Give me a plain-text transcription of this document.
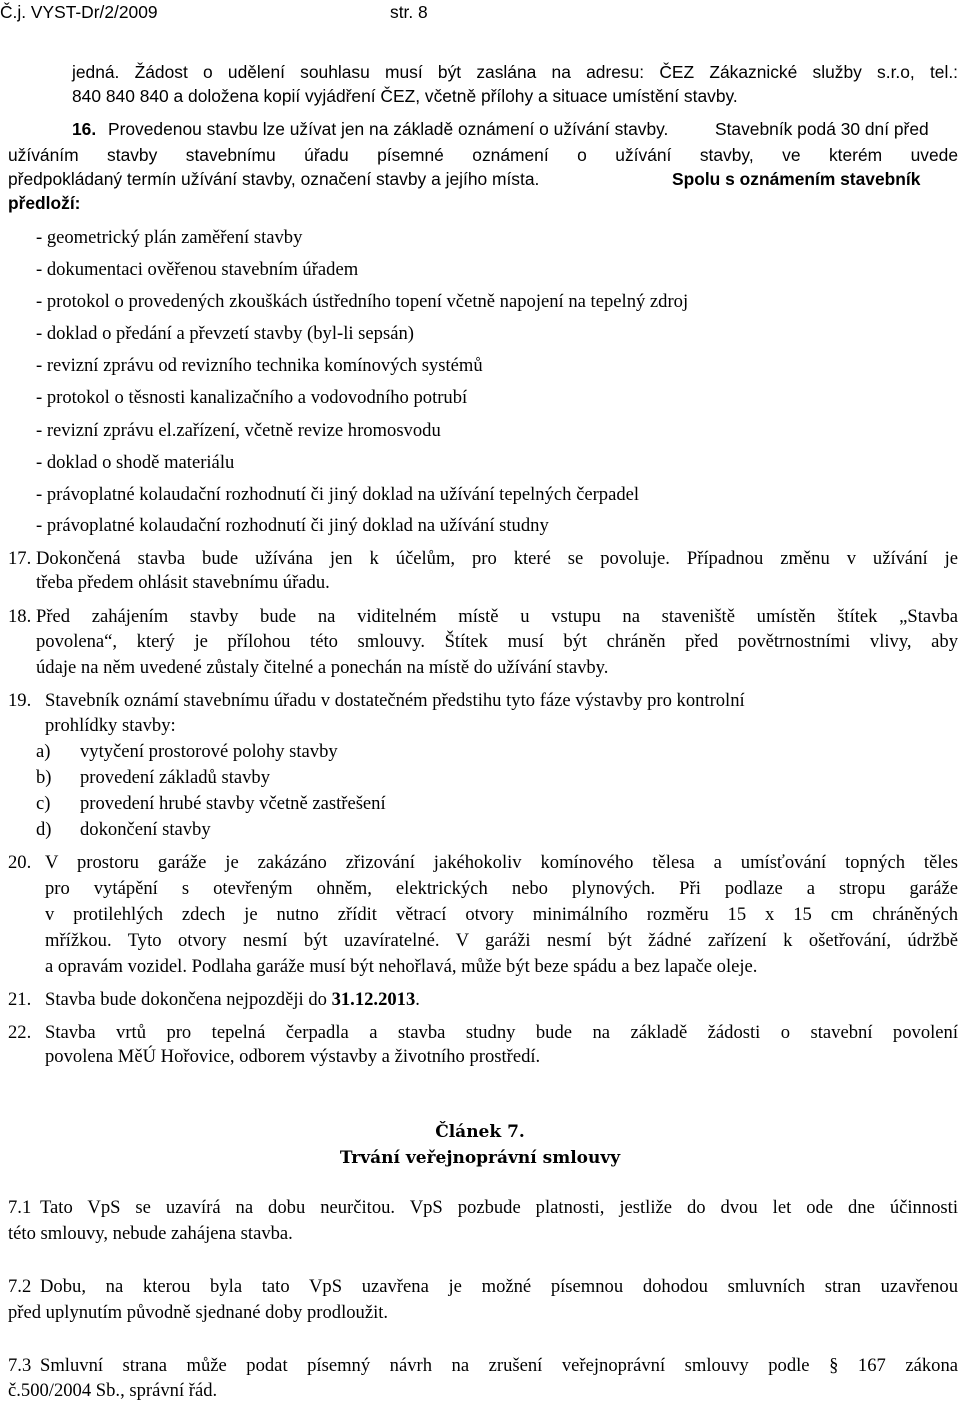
Č.j. VYST-Dr/2/2009	str. 8
jedná. Žádost o udělení souhlasu musí být zaslána na adresu: ČEZ Zákaznické služby s.r.o, tel.:
840 840 840 a doložena kopií vyjádření ČEZ, včetně přílohy a situace umístění stavby.
16. Provedenou stavbu lze užívat jen na základě oznámení o užívání stavby.	Stavebník podá 30 dní před
užíváním stavby stavebnímu úřadu písemné oznámení o užívání stavby, ve kterém uvede
předpokládaný termín užívání stavby, označení stavby a jejího místa.	Spolu s oznámením stavebník
předloží:
- geometrický plán zaměření stavby
- dokumentaci ověřenou stavebním úřadem
- protokol o provedených zkouškách ústředního topení včetně napojení na tepelný zdroj
- doklad o předání a převzetí stavby (byl-li sepsán)
- revizní zprávu od revizního technika komínových systémů
- protokol o těsnosti kanalizačního a vodovodního potrubí
- revizní zprávu el.zařízení, včetně revize hromosvodu
- doklad o shodě materiálu
- právoplatné kolaudační rozhodnutí či jiný doklad na užívání tepelných čerpadel
- právoplatné kolaudační rozhodnutí či jiný doklad na užívání studny
17. Dokončená stavba bude užívána jen k účelům, pro které se povoluje. Případnou změnu v užívání je
třeba předem ohlásit stavebnímu úřadu.
18. Před zahájením stavby bude na viditelném místě u vstupu na staveniště umístěn štítek „Stavba
povolena“, který je přílohou této smlouvy. Štítek musí být chráněn před povětrnostními vlivy, aby
údaje na něm uvedené zůstaly čitelné a ponechán na místě do užívání stavby.
19. Stavebník oznámí stavebnímu úřadu v dostatečném předstihu tyto fáze výstavby pro kontrolní
prohlídky stavby:
a) vytyčení prostorové polohy stavby
b) provedení základů stavby
c) provedení hrubé stavby včetně zastřešení
d) dokončení stavby
20. V prostoru garáže je zakázáno zřizování jakéhokoliv komínového tělesa a umísťování topných těles
pro vytápění s otevřeným ohněm, elektrických nebo plynových. Při podlaze a stropu garáže
v protilehlých zdech je nutno zřídit větrací otvory minimálního rozměru 15 x 15 cm chráněných
mřížkou. Tyto otvory nesmí být uzavíratelné. V garáži nesmí být žádné zařízení k ošetřování, údržbě
a opravám vozidel. Podlaha garáže musí být nehořlavá, může být beze spádu a bez lapače oleje.
21. Stavba bude dokončena nejpozději do 31.12.2013.
22. Stavba vrtů pro tepelná čerpadla a stavba studny bude na základě žádosti o stavební povolení
povolena MěÚ Hořovice, odborem výstavby a životního prostředí.
Článek 7.
Trvání veřejnoprávní smlouvy
7.1 Tato VpS se uzavírá na dobu neurčitou. VpS pozbude platnosti, jestliže do dvou let ode dne účinnosti
této smlouvy, nebude zahájena stavba.
7.2 Dobu, na kterou byla tato VpS uzavřena je možné písemnou dohodou smluvních stran uzavřenou
před uplynutím původně sjednané doby prodloužit.
7.3 Smluvní strana může podat písemný návrh na zrušení veřejnoprávní smlouvy podle § 167 zákona
č.500/2004 Sb., správní řád.
